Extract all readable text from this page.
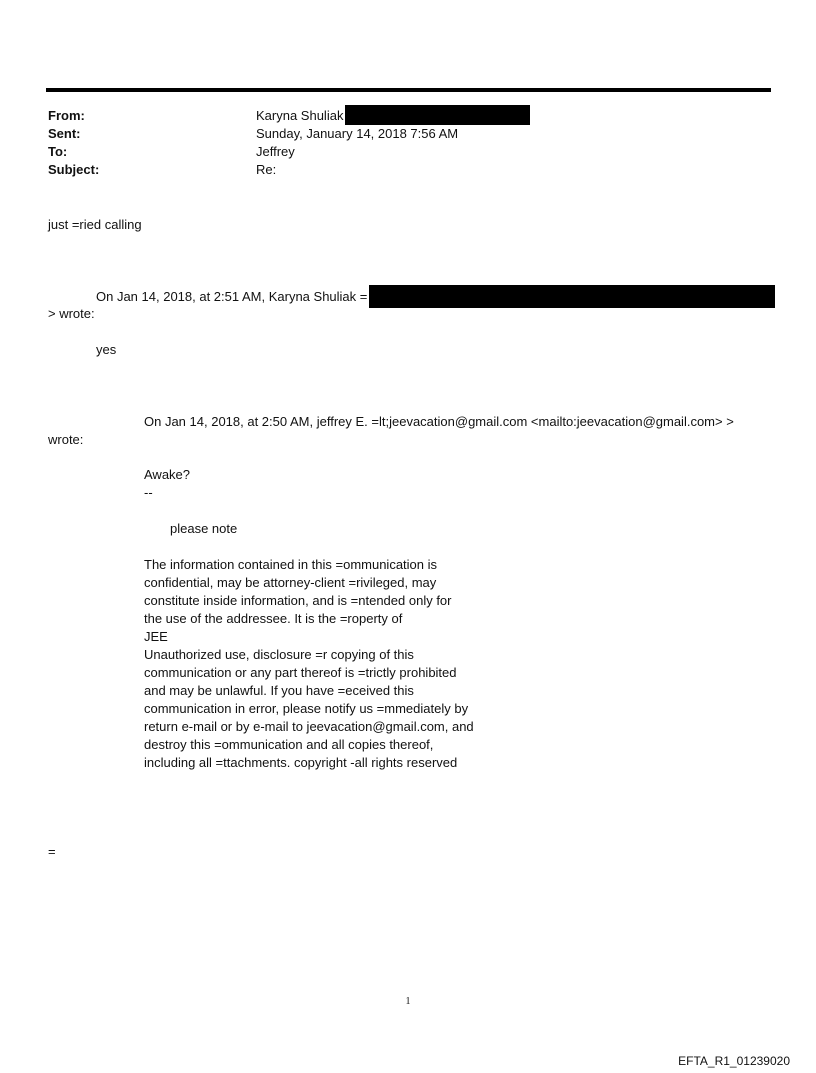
From:	Karyna Shuliak
Sent:	Sunday, January 14, 2018 7:56 AM
To:	Jeffrey
Subject:	Re:
just =ried calling
On Jan 14, 2018, at 2:51 AM, Karyna Shuliak =
> wrote:
yes
On Jan 14, 2018, at 2:50 AM, jeffrey E. =lt;jeevacation@gmail.com <mailto:jeevacation@gmail.com> >
wrote:
Awake?
--
please note
The information contained in this =ommunication is
confidential, may be attorney-client =rivileged, may
constitute inside information, and is =ntended only for
the use of the addressee. It is the =roperty of
JEE
Unauthorized use, disclosure =r copying of this
communication or any part thereof is =trictly prohibited
and may be unlawful. If you have =eceived this
communication in error, please notify us =mmediately by
return e-mail or by e-mail to jeevacation@gmail.com, and
destroy this =ommunication and all copies thereof,
including all =ttachments. copyright -all rights reserved
=
1
EFTA_R1_01239020
